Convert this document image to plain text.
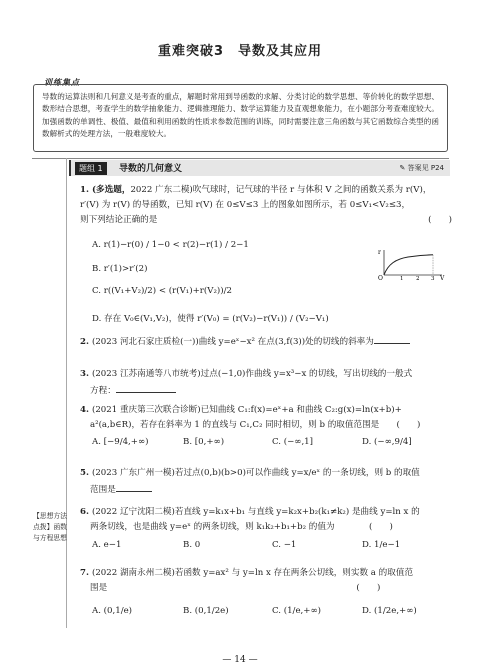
重难突破3　导数及其应用
训练集点
导数的运算法则和几何意义是考查的重点，解题时常用到导函数的求解、分类讨论的数学思想、等价转化的数学思想、数形结合思想，考查学生的数学抽象能力、逻辑推理能力、数学运算能力及直观想象能力，在小题部分考查难度较大。加强函数的单调性、极值、最值和利用函数的性质求参数范围的训练，同时需要注意三角函数与其它函数综合类型的函数解析式的处理方法，一般难度较大。
题组 1	导数的几何意义	✎ 答案见 P24
1. (多选题，2022 广东二模)吹气球时，记气球的半径 r 与体积 V 之间的函数关系为 r(V)，
r′(V) 为 r(V) 的导函数，已知 r(V) 在 0≤V≤3 上的图象如图所示，若 0≤V₁<V₂≤3，
则下列结论正确的是	(　　)
A. r(1)−r(0) / 1−0 < r(2)−r(1) / 2−1
B. r′(1)>r′(2)
C. r((V₁+V₂)/2) < (r(V₁)+r(V₂))/2
D. 存在 V₀∈(V₁,V₂)，使得 r′(V₀) = (r(V₂)−r(V₁)) / (V₂−V₁)
r
V
O	1 2 3
2. (2023 河北石家庄质检(一))曲线 y=eˣ−x² 在点(3,f(3))处的切线的斜率为
3. (2023 江苏南通等八市统考)过点(−1,0)作曲线 y=x³−x 的切线，写出切线的一般式
方程：
4. (2021 重庆第三次联合诊断)已知曲线 C₁:f(x)=eˣ+a 和曲线 C₂:g(x)=ln(x+b)+
a²(a,b∈R)，若存在斜率为 1 的直线与 C₁,C₂ 同时相切，则 b 的取值范围是　　(　　)
A. [−9/4,+∞)	B. [0,+∞)	C. (−∞,1]	D. (−∞,9/4]
5. (2023 广东广州一模)若过点(0,b)(b>0)可以作曲线 y=x/eˣ 的一条切线，则 b 的取值
范围是
【思想方法点拨】函数与方程思想
6. (2022 辽宁沈阳二模)若直线 y=k₁x+b₁ 与直线 y=k₂x+b₂(k₁≠k₂) 是曲线 y=ln x 的
两条切线，也是曲线 y=eˣ 的两条切线，则 k₁k₂+b₁+b₂ 的值为　　　　(　　)
A. e−1	B. 0	C. −1	D. 1/e−1
7. (2022 湖南永州二模)若函数 y=ax² 与 y=ln x 存在两条公切线，则实数 a 的取值范
围是　　　　　　　　　　　　　　　　　　　　　　　　　　　　　(　　)
A. (0,1/e)	B. (0,1/2e)	C. (1/e,+∞)	D. (1/2e,+∞)
— 14 —
